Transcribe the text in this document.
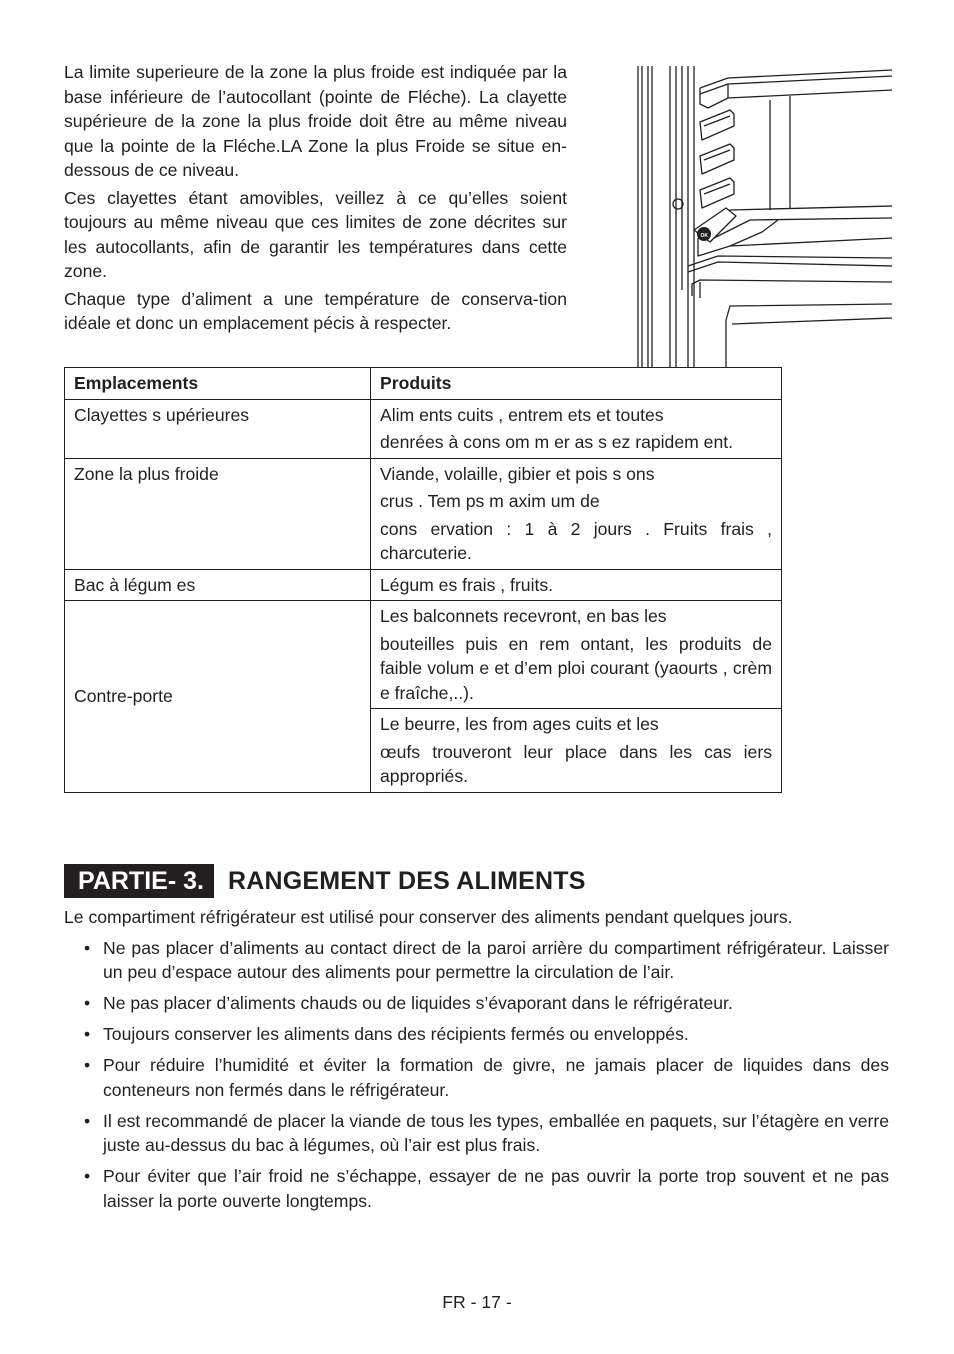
La limite superieure de la zone la plus froide est indiquée par la base inférieure de l’autocollant (pointe de Fléche). La clayette supérieure de la zone la plus froide doit être au même niveau que la pointe de la Fléche.LA Zone la plus Froide se situe en-dessous de ce niveau.

Ces clayettes étant amovibles, veillez à ce qu’elles soient toujours au même niveau que ces limites de zone décrites sur les autocollants, afin de garantir les températures dans cette zone.

Chaque type d’aliment a une température de conserva-tion idéale et donc un emplacement pécis à respecter.

OK
Emplacements	Produits
Clayettes s upérieures	Alim ents cuits , entrem ets et toutes
denrées à cons om m er as s ez rapidem ent.

Zone la plus froide	Viande, volaille, gibier et pois s ons
crus . Tem ps m axim um de
cons ervation : 1 à 2 jours . Fruits frais , charcuterie.

Bac à légum es	Légum es frais , fruits.

Contre-porte	Les balconnets recevront, en bas les
bouteilles puis en rem ontant, les produits de faible volum e et d’em ploi courant (yaourts , crèm e fraîche,..).

	Le beurre, les from ages cuits et les
œufs trouveront leur place dans les cas iers appropriés.
PARTIE- 3. RANGEMENT DES ALIMENTS

Le compartiment réfrigérateur est utilisé pour conserver des aliments pendant quelques jours.

• Ne pas placer d’aliments au contact direct de la paroi arrière du compartiment réfrigérateur. Laisser un peu d’espace autour des aliments pour permettre la circulation de l’air.
• Ne pas placer d’aliments chauds ou de liquides s’évaporant dans le réfrigérateur.
• Toujours conserver les aliments dans des récipients fermés ou enveloppés.
• Pour réduire l’humidité et éviter la formation de givre, ne jamais placer de liquides dans des conteneurs non fermés dans le réfrigérateur.
• Il est recommandé de placer la viande de tous les types, emballée en paquets, sur l’étagère en verre juste au-dessus du bac à légumes, où l’air est plus frais.
• Pour éviter que l’air froid ne s’échappe, essayer de ne pas ouvrir la porte trop souvent et ne pas laisser la porte ouverte longtemps.
FR - 17 -
